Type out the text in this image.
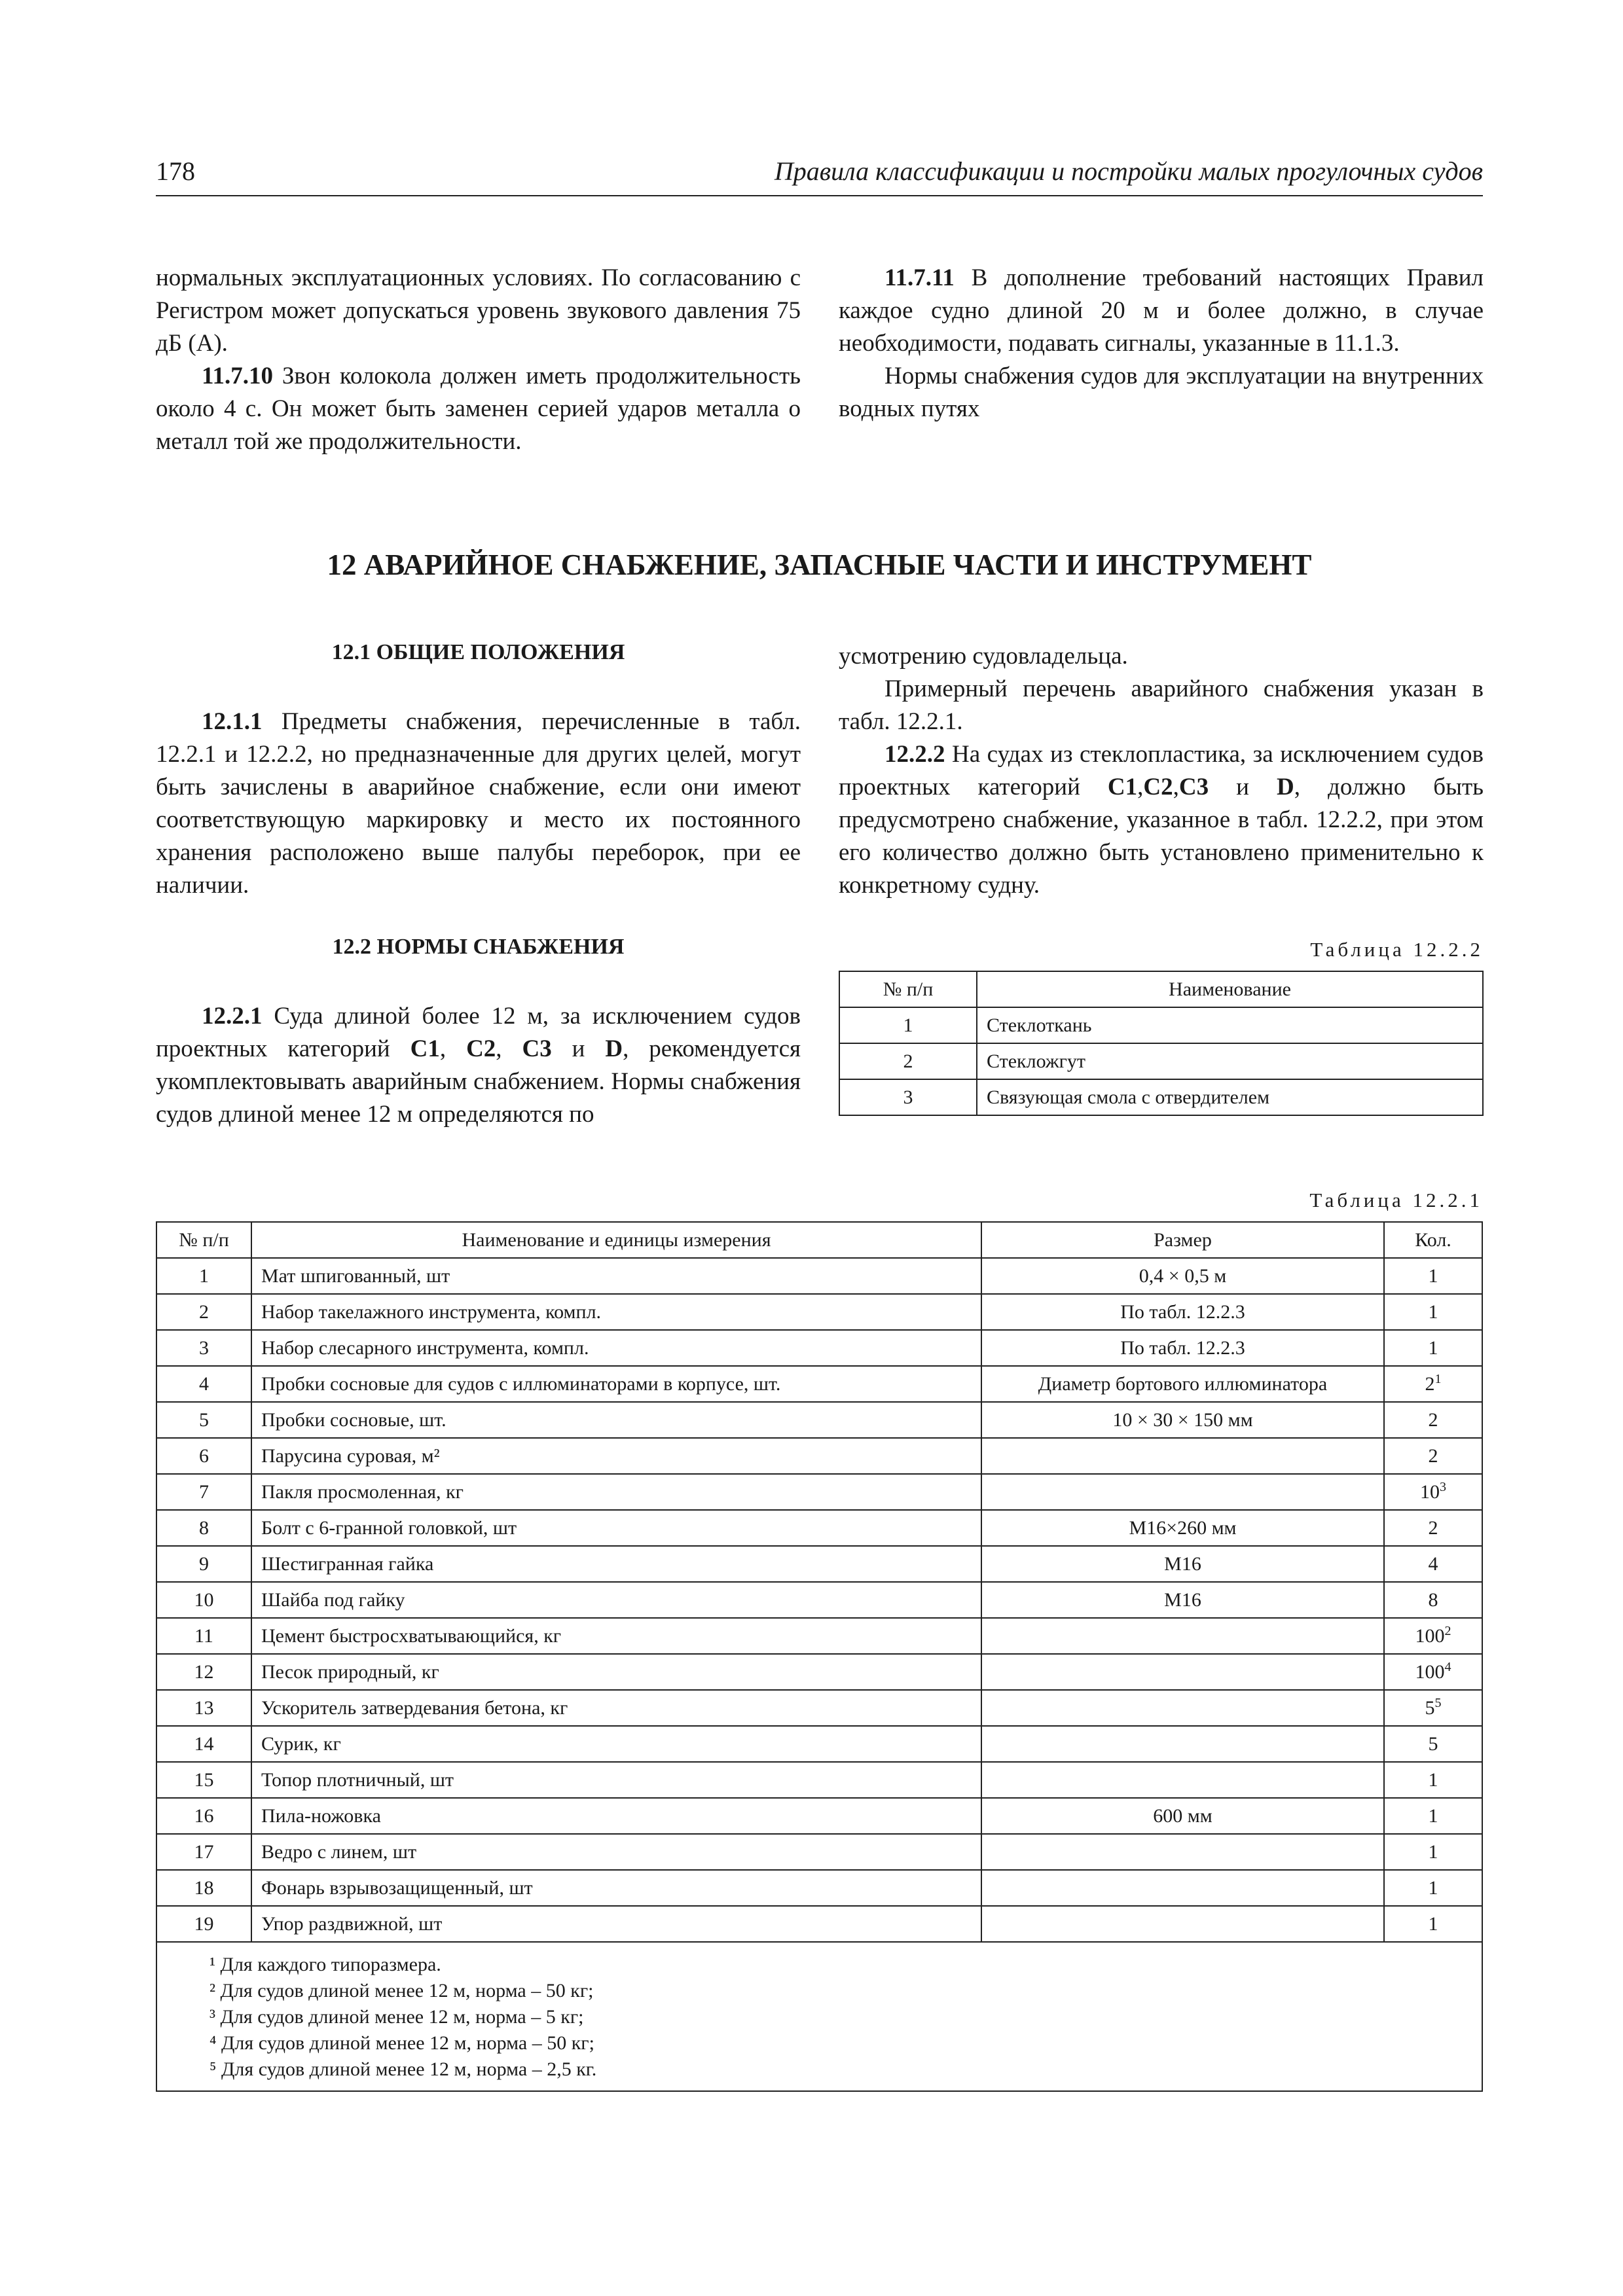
178	Правила классификации и постройки малых прогулочных судов

нормальных эксплуатационных условиях. По согласованию с Регистром может допускаться уровень звукового давления 75 дБ (А).

11.7.10 Звон колокола должен иметь продолжительность около 4 с. Он может быть заменен серией ударов металла о металл той же продолжительности.

11.7.11 В дополнение требований настоящих Правил каждое судно длиной 20 м и более должно, в случае необходимости, подавать сигналы, указанные в 11.1.3.

Нормы снабжения судов для эксплуатации на внутренних водных путях

12 АВАРИЙНОЕ СНАБЖЕНИЕ, ЗАПАСНЫЕ ЧАСТИ И ИНСТРУМЕНТ
12.1 ОБЩИЕ ПОЛОЖЕНИЯ

12.1.1 Предметы снабжения, перечисленные в табл. 12.2.1 и 12.2.2, но предназначенные для других целей, могут быть зачислены в аварийное снабжение, если они имеют соответствующую маркировку и место их постоянного хранения расположено выше палубы переборок, при ее наличии.

12.2 НОРМЫ СНАБЖЕНИЯ

12.2.1 Суда длиной более 12 м, за исключением судов проектных категорий C1, C2, C3 и D, рекомендуется укомплектовывать аварийным снабжением. Нормы снабжения судов длиной менее 12 м определяются по

усмотрению судовладельца.

Примерный перечень аварийного снабжения указан в табл. 12.2.1.

12.2.2 На судах из стеклопластика, за исключением судов проектных категорий C1,C2,C3 и D, должно быть предусмотрено снабжение, указанное в табл. 12.2.2, при этом его количество должно быть установлено применительно к конкретному судну.

Таблица 12.2.2
№ п/п	Наименование
1	Стеклоткань
2	Стекложгут
3	Связующая смола с отвердителем
Таблица 12.2.1
№ п/п	Наименование и единицы измерения	Размер	Кол.
1	Мат шпигованный, шт	0,4 × 0,5 м	1
2	Набор такелажного инструмента, компл.	По табл. 12.2.3	1
3	Набор слесарного инструмента, компл.	По табл. 12.2.3	1
4	Пробки сосновые для судов с иллюминаторами в корпусе, шт.	Диаметр бортового иллюминатора	$2^1$
5	Пробки сосновые, шт.	10 × 30 × 150 мм	2
6	Парусина суровая, м²		2
7	Пакля просмоленная, кг		$10^3$
8	Болт с 6-гранной головкой, шт	M16×260 мм	2
9	Шестигранная гайка	M16	4
10	Шайба под гайку	M16	8
11	Цемент быстросхватывающийся, кг		$100^2$
12	Песок природный, кг		$100^4$
13	Ускоритель затвердевания бетона, кг		$5^5$
14	Сурик, кг		5
15	Топор плотничный, шт		1
16	Пила-ножовка	600 мм	1
17	Ведро с линем, шт		1
18	Фонарь взрывозащищенный, шт		1
19	Упор раздвижной, шт		1

¹ Для каждого типоразмера.
² Для судов длиной менее 12 м, норма – 50 кг;
³ Для судов длиной менее 12 м, норма – 5 кг;
⁴ Для судов длиной менее 12 м, норма – 50 кг;
⁵ Для судов длиной менее 12 м, норма – 2,5 кг.			
